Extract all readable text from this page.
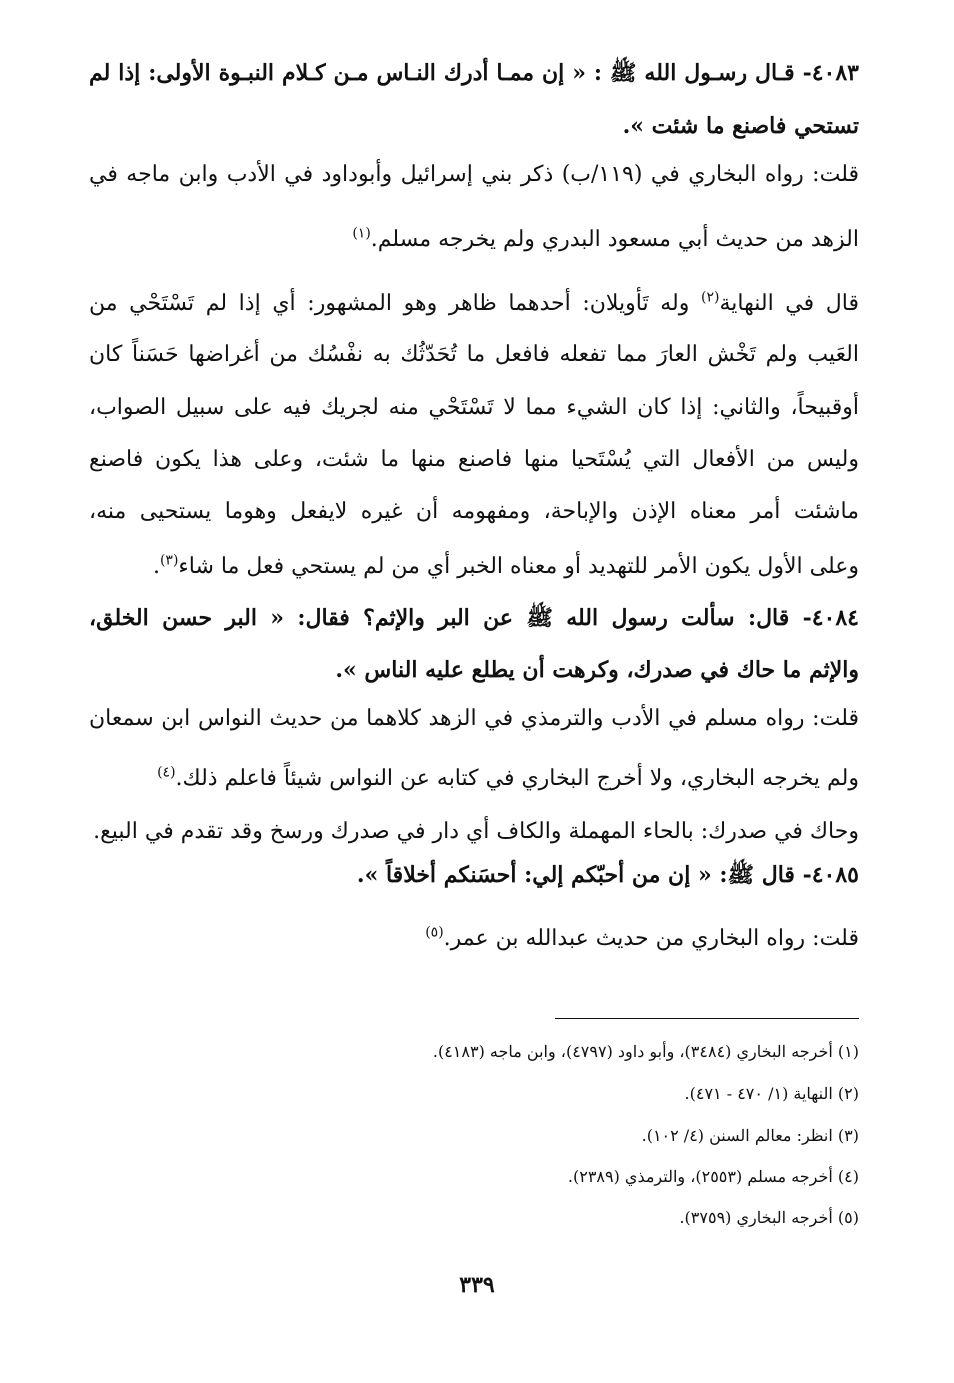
٤٠٨٣- قـال رسـول الله ﷺ : « إن ممـا أدرك النـاس مـن كـلام النبـوة الأولى: إذا لم
تستحي فاصنع ما شئت ».
قلت: رواه البخاري في (١١٩/ب) ذكر بني إسرائيل وأبوداود في الأدب وابن ماجه في
الزهد من حديث أبي مسعود البدري ولم يخرجه مسلم.$^{(١)}$
قال في النهاية$^{(٢)}$ وله تَأويلان: أحدهما ظاهر وهو المشهور: أي إذا لم تَسْتَحْي من
العَيب ولم تَخْش العارَ مما تفعله فافعل ما تُحَدّثُك به نفْسُك من أغراضها حَسَناً كان
أوقبيحاً، والثاني: إذا كان الشيء مما لا تَسْتَحْي منه لجريك فيه على سبيل الصواب،
وليس من الأفعال التي يُسْتَحيا منها فاصنع منها ما شئت، وعلى هذا يكون فاصنع
ماشئت أمر معناه الإذن والإباحة، ومفهومه أن غيره لايفعل وهوما يستحيى منه،
وعلى الأول يكون الأمر للتهديد أو معناه الخبر أي من لم يستحي فعل ما شاء$^{(٣)}$.
٤٠٨٤- قال: سألت رسول الله ﷺ عن البر والإثم؟ فقال: « البر حسن الخلق،
والإثم ما حاك في صدرك، وكرهت أن يطلع عليه الناس ».
قلت: رواه مسلم في الأدب والترمذي في الزهد كلاهما من حديث النواس ابن سمعان
ولم يخرجه البخاري، ولا أخرج البخاري في كتابه عن النواس شيئاً فاعلم ذلك.$^{(٤)}$
وحاك في صدرك: بالحاء المهملة والكاف أي دار في صدرك ورسخ وقد تقدم في البيع.
٤٠٨٥- قال ﷺ: « إن من أحبّكم إلي: أحسَنكم أخلاقاً ».
قلت: رواه البخاري من حديث عبدالله بن عمر.$^{(٥)}$
(١) أخرجه البخاري (٣٤٨٤)، وأبو داود (٤٧٩٧)، وابن ماجه (٤١٨٣).
(٢) النهاية (١/ ٤٧٠ - ٤٧١).
(٣) انظر: معالم السنن (٤/ ١٠٢).
(٤) أخرجه مسلم (٢٥٥٣)، والترمذي (٢٣٨٩).
(٥) أخرجه البخاري (٣٧٥٩).
٣٣٩
